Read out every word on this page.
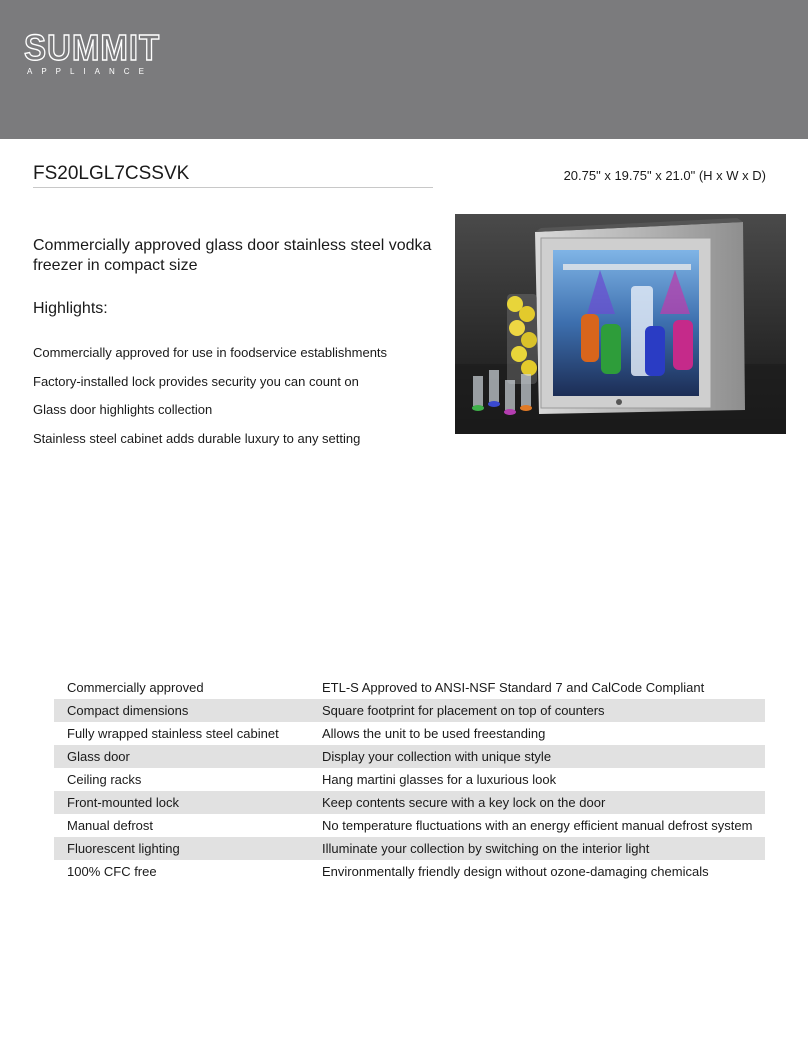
SUMMIT
APPLIANCE
FS20LGL7CSSVK	20.75" x 19.75" x 21.0" (H x W x D)
Commercially approved glass door stainless steel vodka freezer in compact size
Highlights:
Commercially approved for use in foodservice establishments
Factory-installed lock provides security you can count on
Glass door highlights collection
Stainless steel cabinet adds durable luxury to any setting
Commercially approved	ETL-S Approved to ANSI-NSF Standard 7 and CalCode Compliant
Compact dimensions	Square footprint for placement on top of counters
Fully wrapped stainless steel cabinet	Allows the unit to be used freestanding
Glass door	Display your collection with unique style
Ceiling racks	Hang martini glasses for a luxurious look
Front-mounted lock	Keep contents secure with a key lock on the door
Manual defrost	No temperature fluctuations with an energy efficient manual defrost system
Fluorescent lighting	Illuminate your collection by switching on the interior light
100% CFC free	Environmentally friendly design without ozone-damaging chemicals
